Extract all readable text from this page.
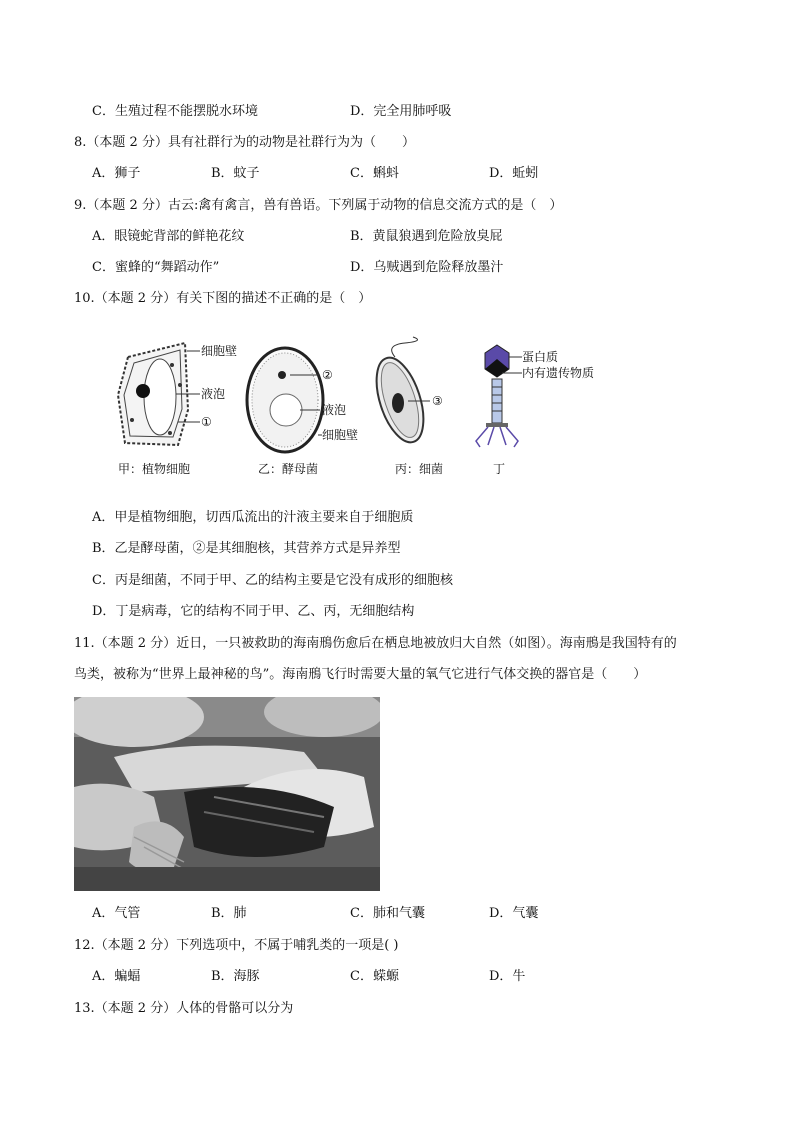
C．生殖过程不能摆脱水环境	D．完全用肺呼吸
8.（本题 2 分）具有社群行为的动物是社群行为为（　　）
A．狮子	B．蚊子	C．蝌蚪	D．蚯蚓
9.（本题 2 分）古云:禽有禽言，兽有兽语。下列属于动物的信息交流方式的是（　）
A．眼镜蛇背部的鲜艳花纹	B．黄鼠狼遇到危险放臭屁
C．蜜蜂的“舞蹈动作”	D．乌贼遇到危险释放墨汁
10.（本题 2 分）有关下图的描述不正确的是（　）
细胞壁
液泡
①
甲：植物细胞
②
液泡
细胞壁
乙：酵母菌
③
丙：细菌
蛋白质
内有遗传物质
丁
A．甲是植物细胞，切西瓜流出的汁液主要来自于细胞质
B．乙是酵母菌，②是其细胞核，其营养方式是异养型
C．丙是细菌，不同于甲、乙的结构主要是它没有成形的细胞核
D．丁是病毒，它的结构不同于甲、乙、丙，无细胞结构
11.（本题 2 分）近日，一只被救助的海南鳽伤愈后在栖息地被放归大自然（如图）。海南鳽是我国特有的
鸟类，被称为“世界上最神秘的鸟”。海南鳽飞行时需要大量的氧气它进行气体交换的器官是（　　）
A．气管	B．肺	C．肺和气囊	D．气囊
12.（本题 2 分）下列选项中，不属于哺乳类的一项是( )
A．蝙蝠	B．海豚	C．蝾螈	D．牛
13.（本题 2 分）人体的骨骼可以分为
